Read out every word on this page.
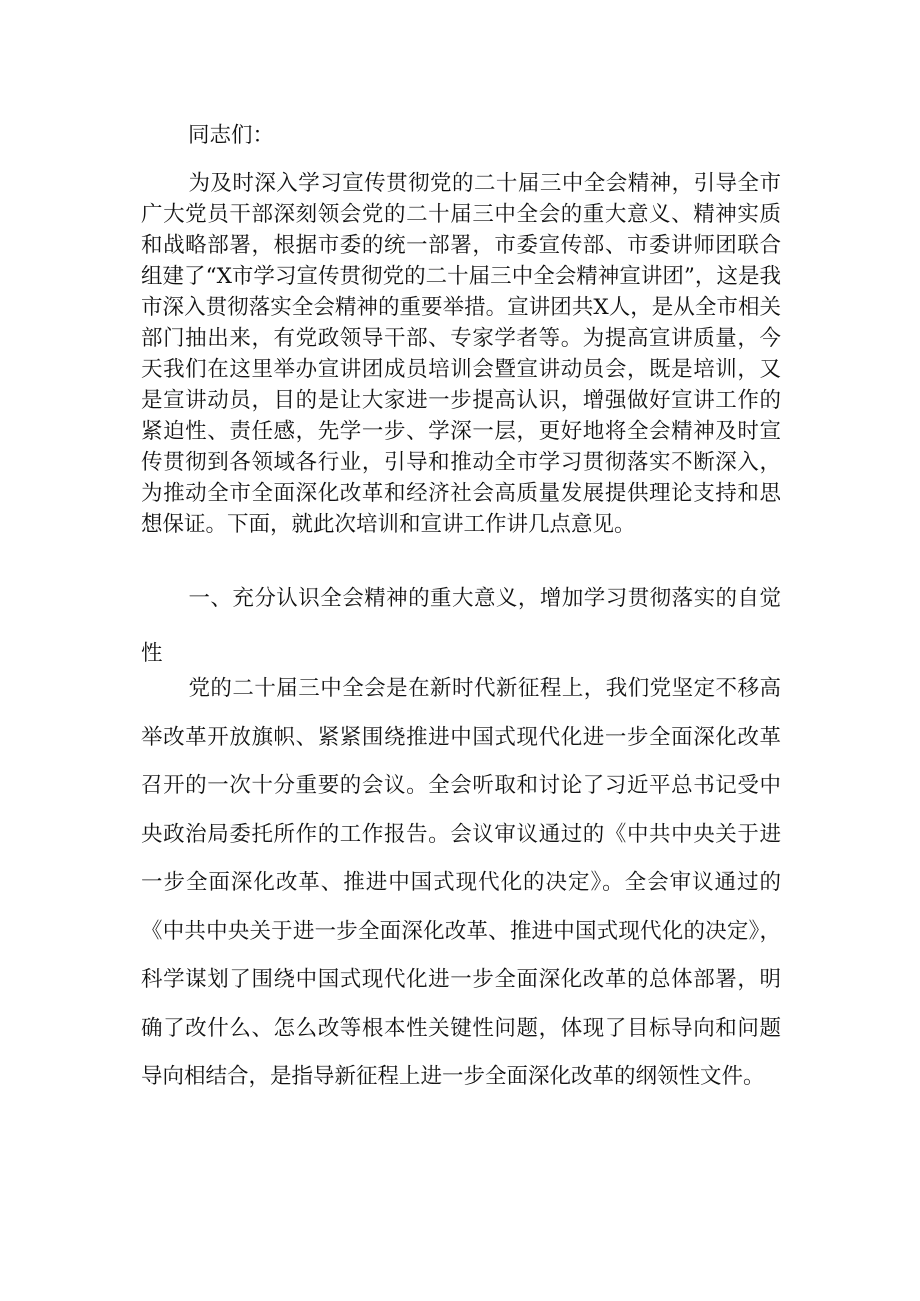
同志们：
为及时深入学习宣传贯彻党的二十届三中全会精神，引导全市广大党员干部深刻领会党的二十届三中全会的重大意义、精神实质和战略部署，根据市委的统一部署，市委宣传部、市委讲师团联合组建了“X市学习宣传贯彻党的二十届三中全会精神宣讲团”，这是我市深入贯彻落实全会精神的重要举措。宣讲团共X人，是从全市相关部门抽出来，有党政领导干部、专家学者等。为提高宣讲质量，今天我们在这里举办宣讲团成员培训会暨宣讲动员会，既是培训，又是宣讲动员，目的是让大家进一步提高认识，增强做好宣讲工作的紧迫性、责任感，先学一步、学深一层，更好地将全会精神及时宣传贯彻到各领域各行业，引导和推动全市学习贯彻落实不断深入，为推动全市全面深化改革和经济社会高质量发展提供理论支持和思想保证。下面，就此次培训和宣讲工作讲几点意见。
一、充分认识全会精神的重大意义，增加学习贯彻落实的自觉性
党的二十届三中全会是在新时代新征程上，我们党坚定不移高举改革开放旗帜、紧紧围绕推进中国式现代化进一步全面深化改革召开的一次十分重要的会议。全会听取和讨论了习近平总书记受中央政治局委托所作的工作报告。会议审议通过的《中共中央关于进一步全面深化改革、推进中国式现代化的决定》。全会审议通过的《中共中央关于进一步全面深化改革、推进中国式现代化的决定》，科学谋划了围绕中国式现代化进一步全面深化改革的总体部署，明确了改什么、怎么改等根本性关键性问题，体现了目标导向和问题导向相结合，是指导新征程上进一步全面深化改革的纲领性文件。
